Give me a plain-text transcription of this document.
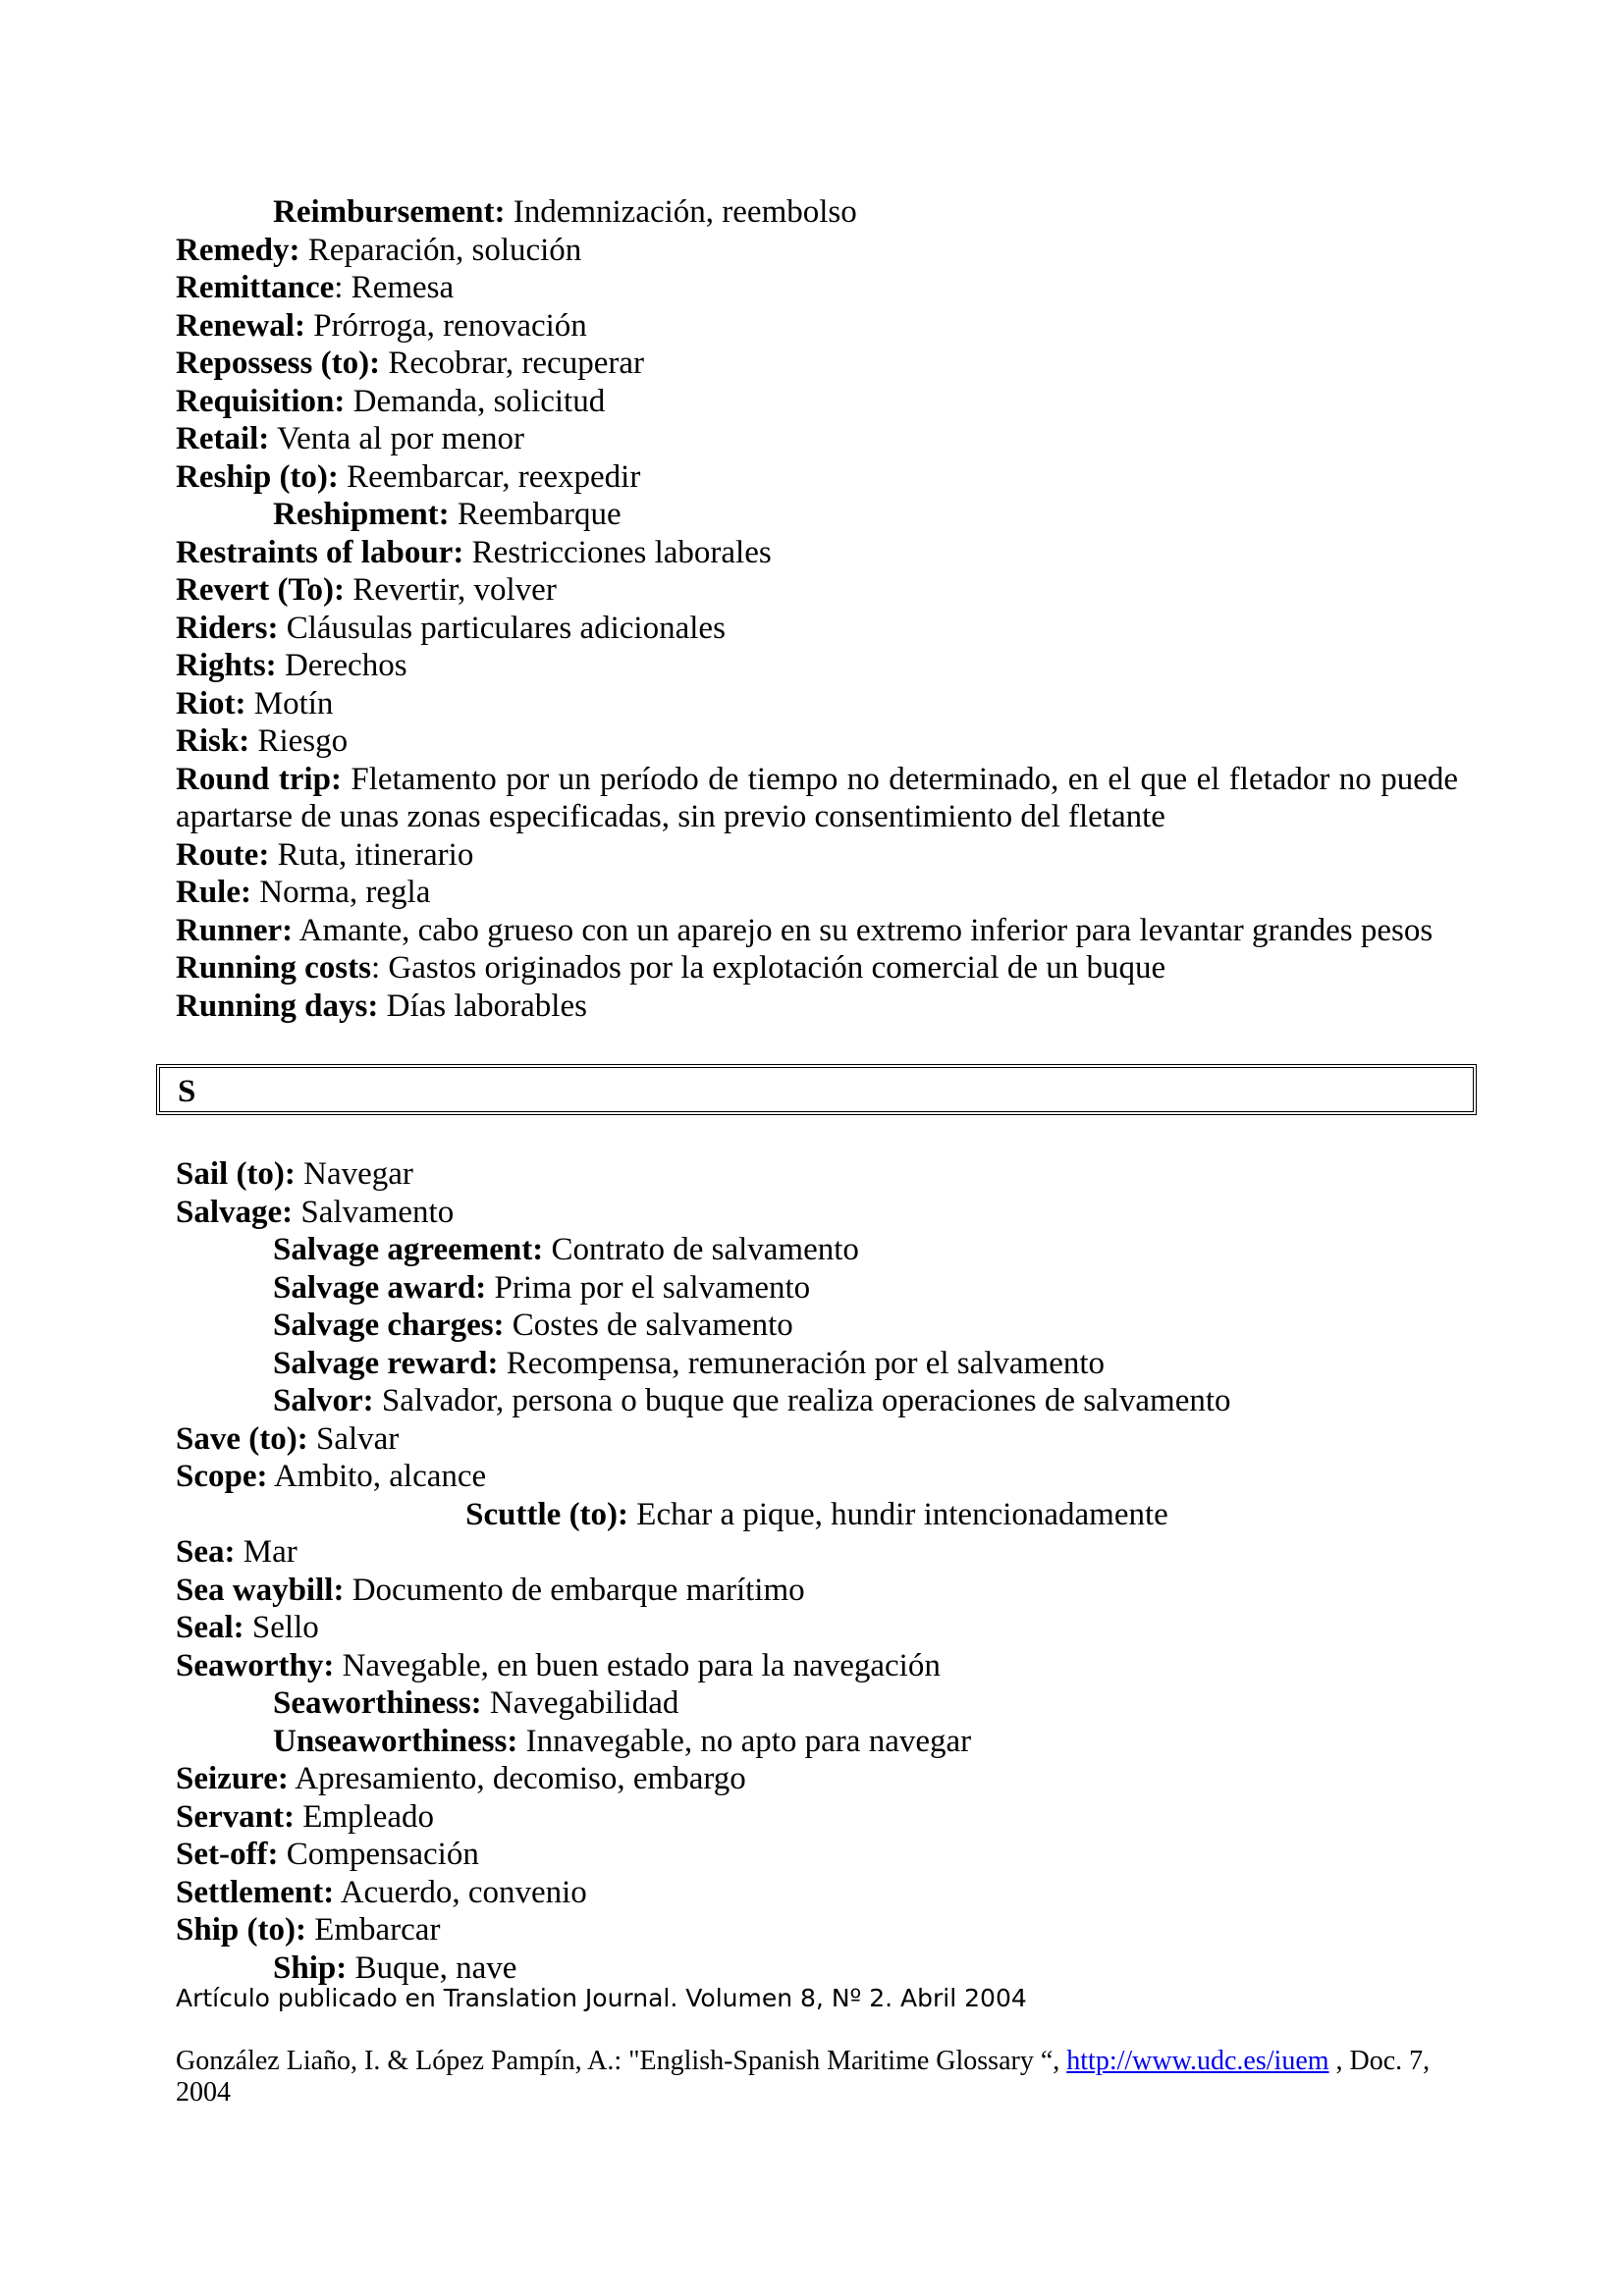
Reimbursement: Indemnización, reembolso

Remedy: Reparación, solución

Remittance: Remesa

Renewal: Prórroga, renovación

Repossess (to): Recobrar, recuperar

Requisition: Demanda, solicitud

Retail: Venta al por menor

Reship (to): Reembarcar, reexpedir

Reshipment: Reembarque

Restraints of labour: Restricciones laborales

Revert (To): Revertir, volver

Riders: Cláusulas particulares adicionales

Rights: Derechos

Riot: Motín

Risk: Riesgo

Round trip: Fletamento por un período de tiempo no determinado, en el que el fletador no puede apartarse de unas zonas especificadas, sin previo consentimiento del fletante

Route: Ruta, itinerario

Rule: Norma, regla

Runner: Amante, cabo grueso con un aparejo en su extremo inferior para levantar grandes pesos

Running costs: Gastos originados por la explotación comercial de un buque

Running days: Días laborables

S

Sail (to): Navegar

Salvage: Salvamento

Salvage agreement: Contrato de salvamento

Salvage award: Prima por el salvamento

Salvage charges: Costes de salvamento

Salvage reward: Recompensa, remuneración por el salvamento

Salvor: Salvador, persona o buque que realiza operaciones de salvamento

Save (to): Salvar

Scope: Ambito, alcance

Scuttle (to): Echar a pique, hundir intencionadamente

Sea: Mar

Sea waybill: Documento de embarque marítimo

Seal: Sello

Seaworthy: Navegable, en buen estado para la navegación

Seaworthiness: Navegabilidad

Unseaworthiness: Innavegable, no apto para navegar

Seizure: Apresamiento, decomiso, embargo

Servant: Empleado

Set-off: Compensación

Settlement: Acuerdo, convenio

Ship (to): Embarcar

Ship: Buque, nave

Artículo publicado en Translation Journal. Volumen 8, Nº 2. Abril 2004
González Liaño, I. & López Pampín, A.: "English-Spanish Maritime Glossary “, http://www.udc.es/iuem , Doc. 7, 2004
